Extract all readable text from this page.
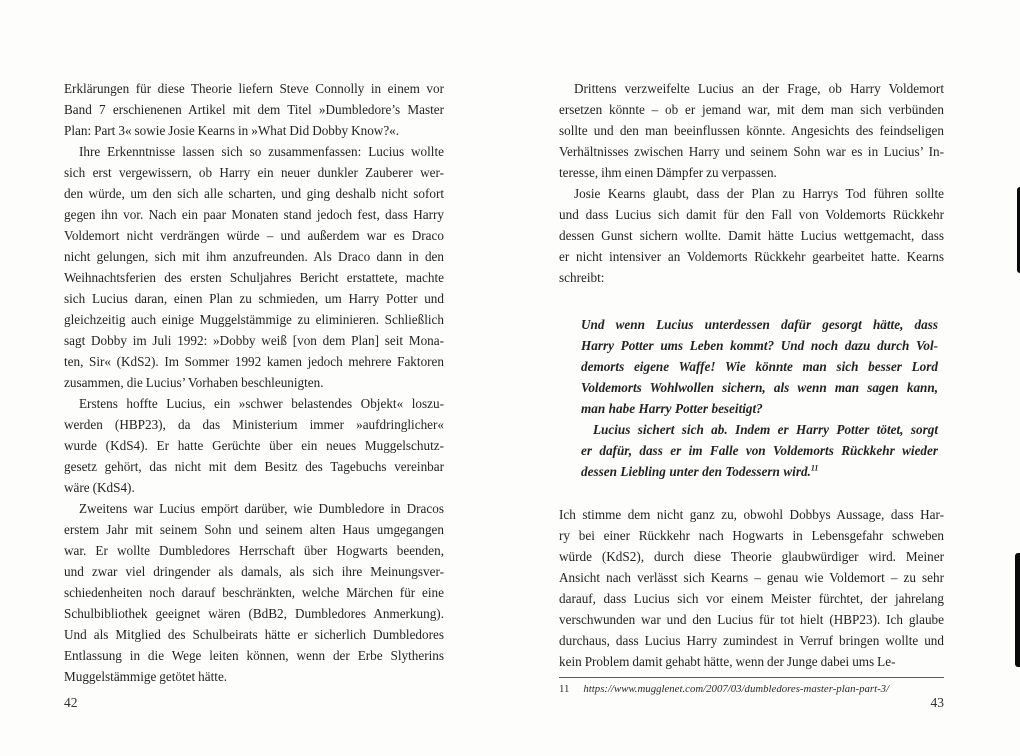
Erklärungen für diese Theorie liefern Steve Connolly in einem vor
Band 7 erschienenen Artikel mit dem Titel »Dumbledore’s Master
Plan: Part 3« sowie Josie Kearns in »What Did Dobby Know?«.
Ihre Erkenntnisse lassen sich so zusammenfassen: Lucius wollte
sich erst vergewissern, ob Harry ein neuer dunkler Zauberer wer-
den würde, um den sich alle scharten, und ging deshalb nicht sofort
gegen ihn vor. Nach ein paar Monaten stand jedoch fest, dass Harry
Voldemort nicht verdrängen würde – und außerdem war es Draco
nicht gelungen, sich mit ihm anzufreunden. Als Draco dann in den
Weihnachtsferien des ersten Schuljahres Bericht erstattete, machte
sich Lucius daran, einen Plan zu schmieden, um Harry Potter und
gleichzeitig auch einige Muggelstämmige zu eliminieren. Schließlich
sagt Dobby im Juli 1992: »Dobby weiß [von dem Plan] seit Mona-
ten, Sir« (KdS2). Im Sommer 1992 kamen jedoch mehrere Faktoren
zusammen, die Lucius’ Vorhaben beschleunigten.
Erstens hoffte Lucius, ein »schwer belastendes Objekt« loszu-
werden (HBP23), da das Ministerium immer »aufdringlicher«
wurde (KdS4). Er hatte Gerüchte über ein neues Muggelschutz-
gesetz gehört, das nicht mit dem Besitz des Tagebuchs vereinbar
wäre (KdS4).
Zweitens war Lucius empört darüber, wie Dumbledore in Dracos
erstem Jahr mit seinem Sohn und seinem alten Haus umgegangen
war. Er wollte Dumbledores Herrschaft über Hogwarts beenden,
und zwar viel dringender als damals, als sich ihre Meinungsver-
schiedenheiten noch darauf beschränkten, welche Märchen für eine
Schulbibliothek geeignet wären (BdB2, Dumbledores Anmerkung).
Und als Mitglied des Schulbeirats hätte er sicherlich Dumbledores
Entlassung in die Wege leiten können, wenn der Erbe Slytherins
Muggelstämmige getötet hätte.
Drittens verzweifelte Lucius an der Frage, ob Harry Voldemort
ersetzen könnte – ob er jemand war, mit dem man sich verbünden
sollte und den man beeinflussen könnte. Angesichts des feindseligen
Verhältnisses zwischen Harry und seinem Sohn war es in Lucius’ In-
teresse, ihm einen Dämpfer zu verpassen.
Josie Kearns glaubt, dass der Plan zu Harrys Tod führen sollte
und dass Lucius sich damit für den Fall von Voldemorts Rückkehr
dessen Gunst sichern wollte. Damit hätte Lucius wettgemacht, dass
er nicht intensiver an Voldemorts Rückkehr gearbeitet hatte. Kearns
schreibt:
Und wenn Lucius unterdessen dafür gesorgt hätte, dass
Harry Potter ums Leben kommt? Und noch dazu durch Vol-
demorts eigene Waffe! Wie könnte man sich besser Lord
Voldemorts Wohlwollen sichern, als wenn man sagen kann,
man habe Harry Potter beseitigt?
Lucius sichert sich ab. Indem er Harry Potter tötet, sorgt
er dafür, dass er im Falle von Voldemorts Rückkehr wieder
dessen Liebling unter den Todessern wird.$^{11}$
Ich stimme dem nicht ganz zu, obwohl Dobbys Aussage, dass Har-
ry bei einer Rückkehr nach Hogwarts in Lebensgefahr schweben
würde (KdS2), durch diese Theorie glaubwürdiger wird. Meiner
Ansicht nach verlässt sich Kearns – genau wie Voldemort – zu sehr
darauf, dass Lucius sich vor einem Meister fürchtet, der jahrelang
verschwunden war und den Lucius für tot hielt (HBP23). Ich glaube
durchaus, dass Lucius Harry zumindest in Verruf bringen wollte und
kein Problem damit gehabt hätte, wenn der Junge dabei ums Le-
11 https://www.mugglenet.com/2007/03/dumbledores-master-plan-part-3/
42	43
